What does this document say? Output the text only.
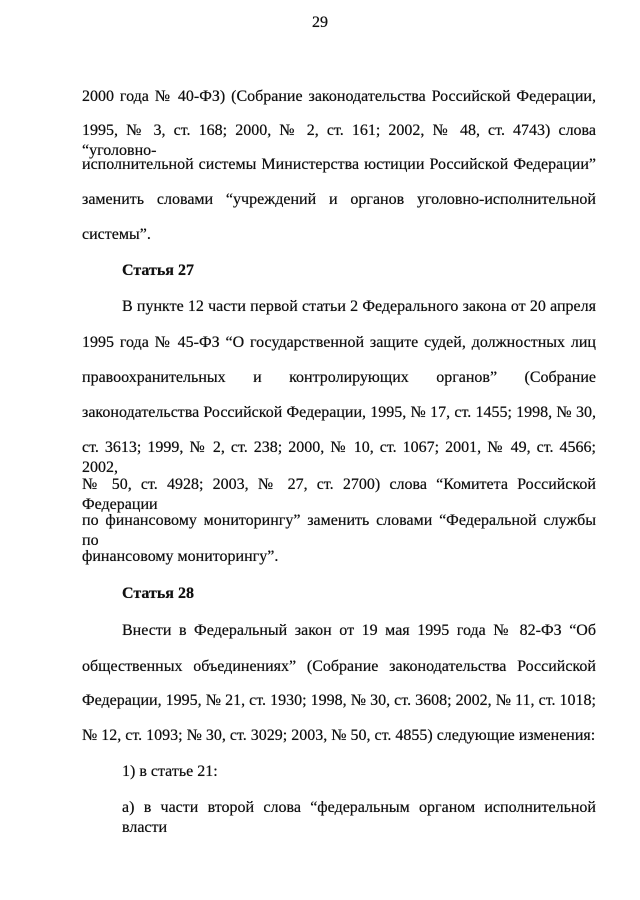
29
2000 года № 40-ФЗ) (Собрание законодательства Российской Федерации,
1995, № 3, ст. 168; 2000, № 2, ст. 161; 2002, № 48, ст. 4743) слова “уголовно-
исполнительной системы Министерства юстиции Российской Федерации”
заменить словами “учреждений и органов уголовно-исполнительной
системы”.
Статья 27
В пункте 12 части первой статьи 2 Федерального закона от 20 апреля
1995 года № 45-ФЗ “О государственной защите судей, должностных лиц
правоохранительных и контролирующих органов” (Собрание
законодательства Российской Федерации, 1995, № 17, ст. 1455; 1998, № 30,
ст. 3613; 1999, № 2, ст. 238; 2000, № 10, ст. 1067; 2001, № 49, ст. 4566; 2002,
№ 50, ст. 4928; 2003, № 27, ст. 2700) слова “Комитета Российской Федерации
по финансовому мониторингу” заменить словами “Федеральной службы по
финансовому мониторингу”.
Статья 28
Внести в Федеральный закон от 19 мая 1995 года № 82-ФЗ “Об
общественных объединениях” (Собрание законодательства Российской
Федерации, 1995, № 21, ст. 1930; 1998, № 30, ст. 3608; 2002, № 11, ст. 1018;
№ 12, ст. 1093; № 30, ст. 3029; 2003, № 50, ст. 4855) следующие изменения:
1) в статье 21:
а) в части второй слова “федеральным органом исполнительной власти
